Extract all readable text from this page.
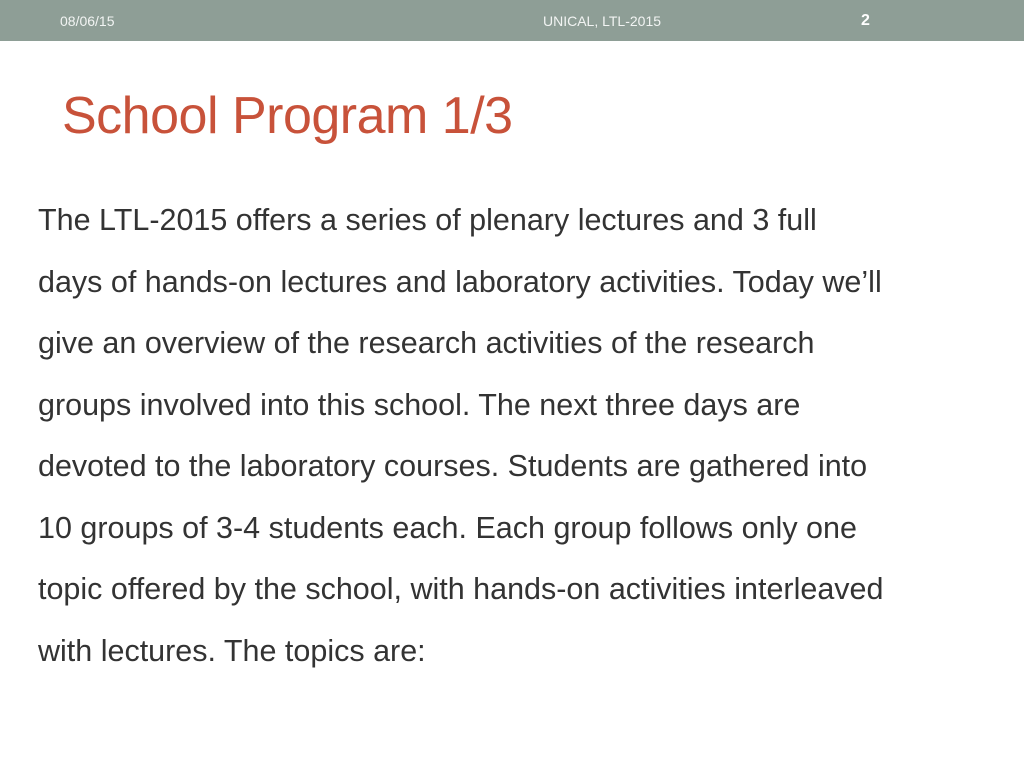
08/06/15	UNICAL, LTL-2015	2
School Program 1/3
The LTL-2015 offers a series of plenary lectures and 3 full
days of hands-on lectures and laboratory activities. Today we’ll
give an overview of the research activities of the research
groups involved into this school. The next three days are
devoted to the laboratory courses. Students are gathered into
10 groups of 3-4 students each. Each group follows only one
topic offered by the school, with hands-on activities interleaved
with lectures. The topics are:
